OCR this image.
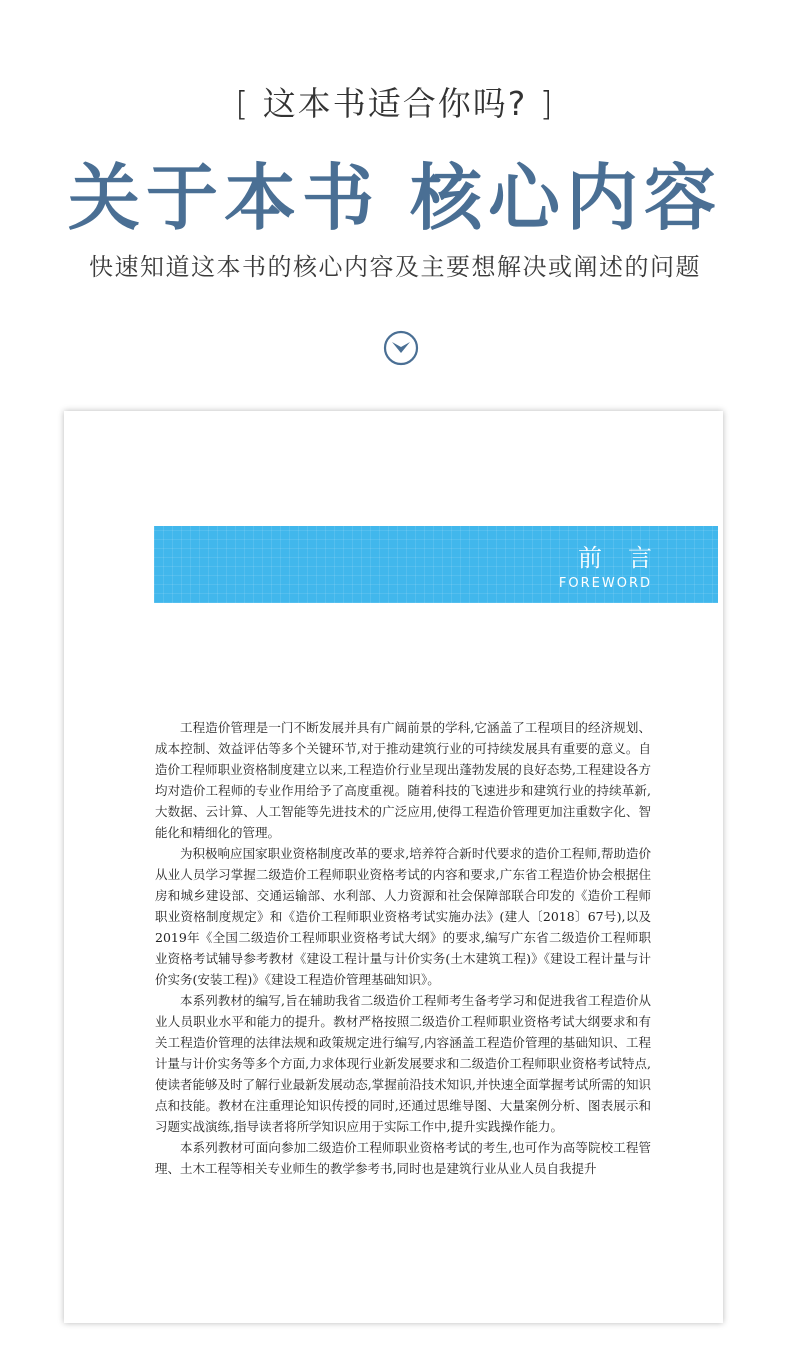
[ 这本书适合你吗? ]
关于本书 核心内容
快速知道这本书的核心内容及主要想解决或阐述的问题
前言
FOREWORD

工程造价管理是一门不断发展并具有广阔前景的学科,它涵盖了工程项目的经济规划、成本控制、效益评估等多个关键环节,对于推动建筑行业的可持续发展具有重要的意义。自造价工程师职业资格制度建立以来,工程造价行业呈现出蓬勃发展的良好态势,工程建设各方均对造价工程师的专业作用给予了高度重视。随着科技的飞速进步和建筑行业的持续革新,大数据、云计算、人工智能等先进技术的广泛应用,使得工程造价管理更加注重数字化、智能化和精细化的管理。

为积极响应国家职业资格制度改革的要求,培养符合新时代要求的造价工程师,帮助造价从业人员学习掌握二级造价工程师职业资格考试的内容和要求,广东省工程造价协会根据住房和城乡建设部、交通运输部、水利部、人力资源和社会保障部联合印发的《造价工程师职业资格制度规定》和《造价工程师职业资格考试实施办法》(建人〔2018〕67号),以及2019年《全国二级造价工程师职业资格考试大纲》的要求,编写广东省二级造价工程师职业资格考试辅导参考教材《建设工程计量与计价实务(土木建筑工程)》《建设工程计量与计价实务(安装工程)》《建设工程造价管理基础知识》。

本系列教材的编写,旨在辅助我省二级造价工程师考生备考学习和促进我省工程造价从业人员职业水平和能力的提升。教材严格按照二级造价工程师职业资格考试大纲要求和有关工程造价管理的法律法规和政策规定进行编写,内容涵盖工程造价管理的基础知识、工程计量与计价实务等多个方面,力求体现行业新发展要求和二级造价工程师职业资格考试特点,使读者能够及时了解行业最新发展动态,掌握前沿技术知识,并快速全面掌握考试所需的知识点和技能。教材在注重理论知识传授的同时,还通过思维导图、大量案例分析、图表展示和习题实战演练,指导读者将所学知识应用于实际工作中,提升实践操作能力。

本系列教材可面向参加二级造价工程师职业资格考试的考生,也可作为高等院校工程管理、土木工程等相关专业师生的教学参考书,同时也是建筑行业从业人员自我提升
